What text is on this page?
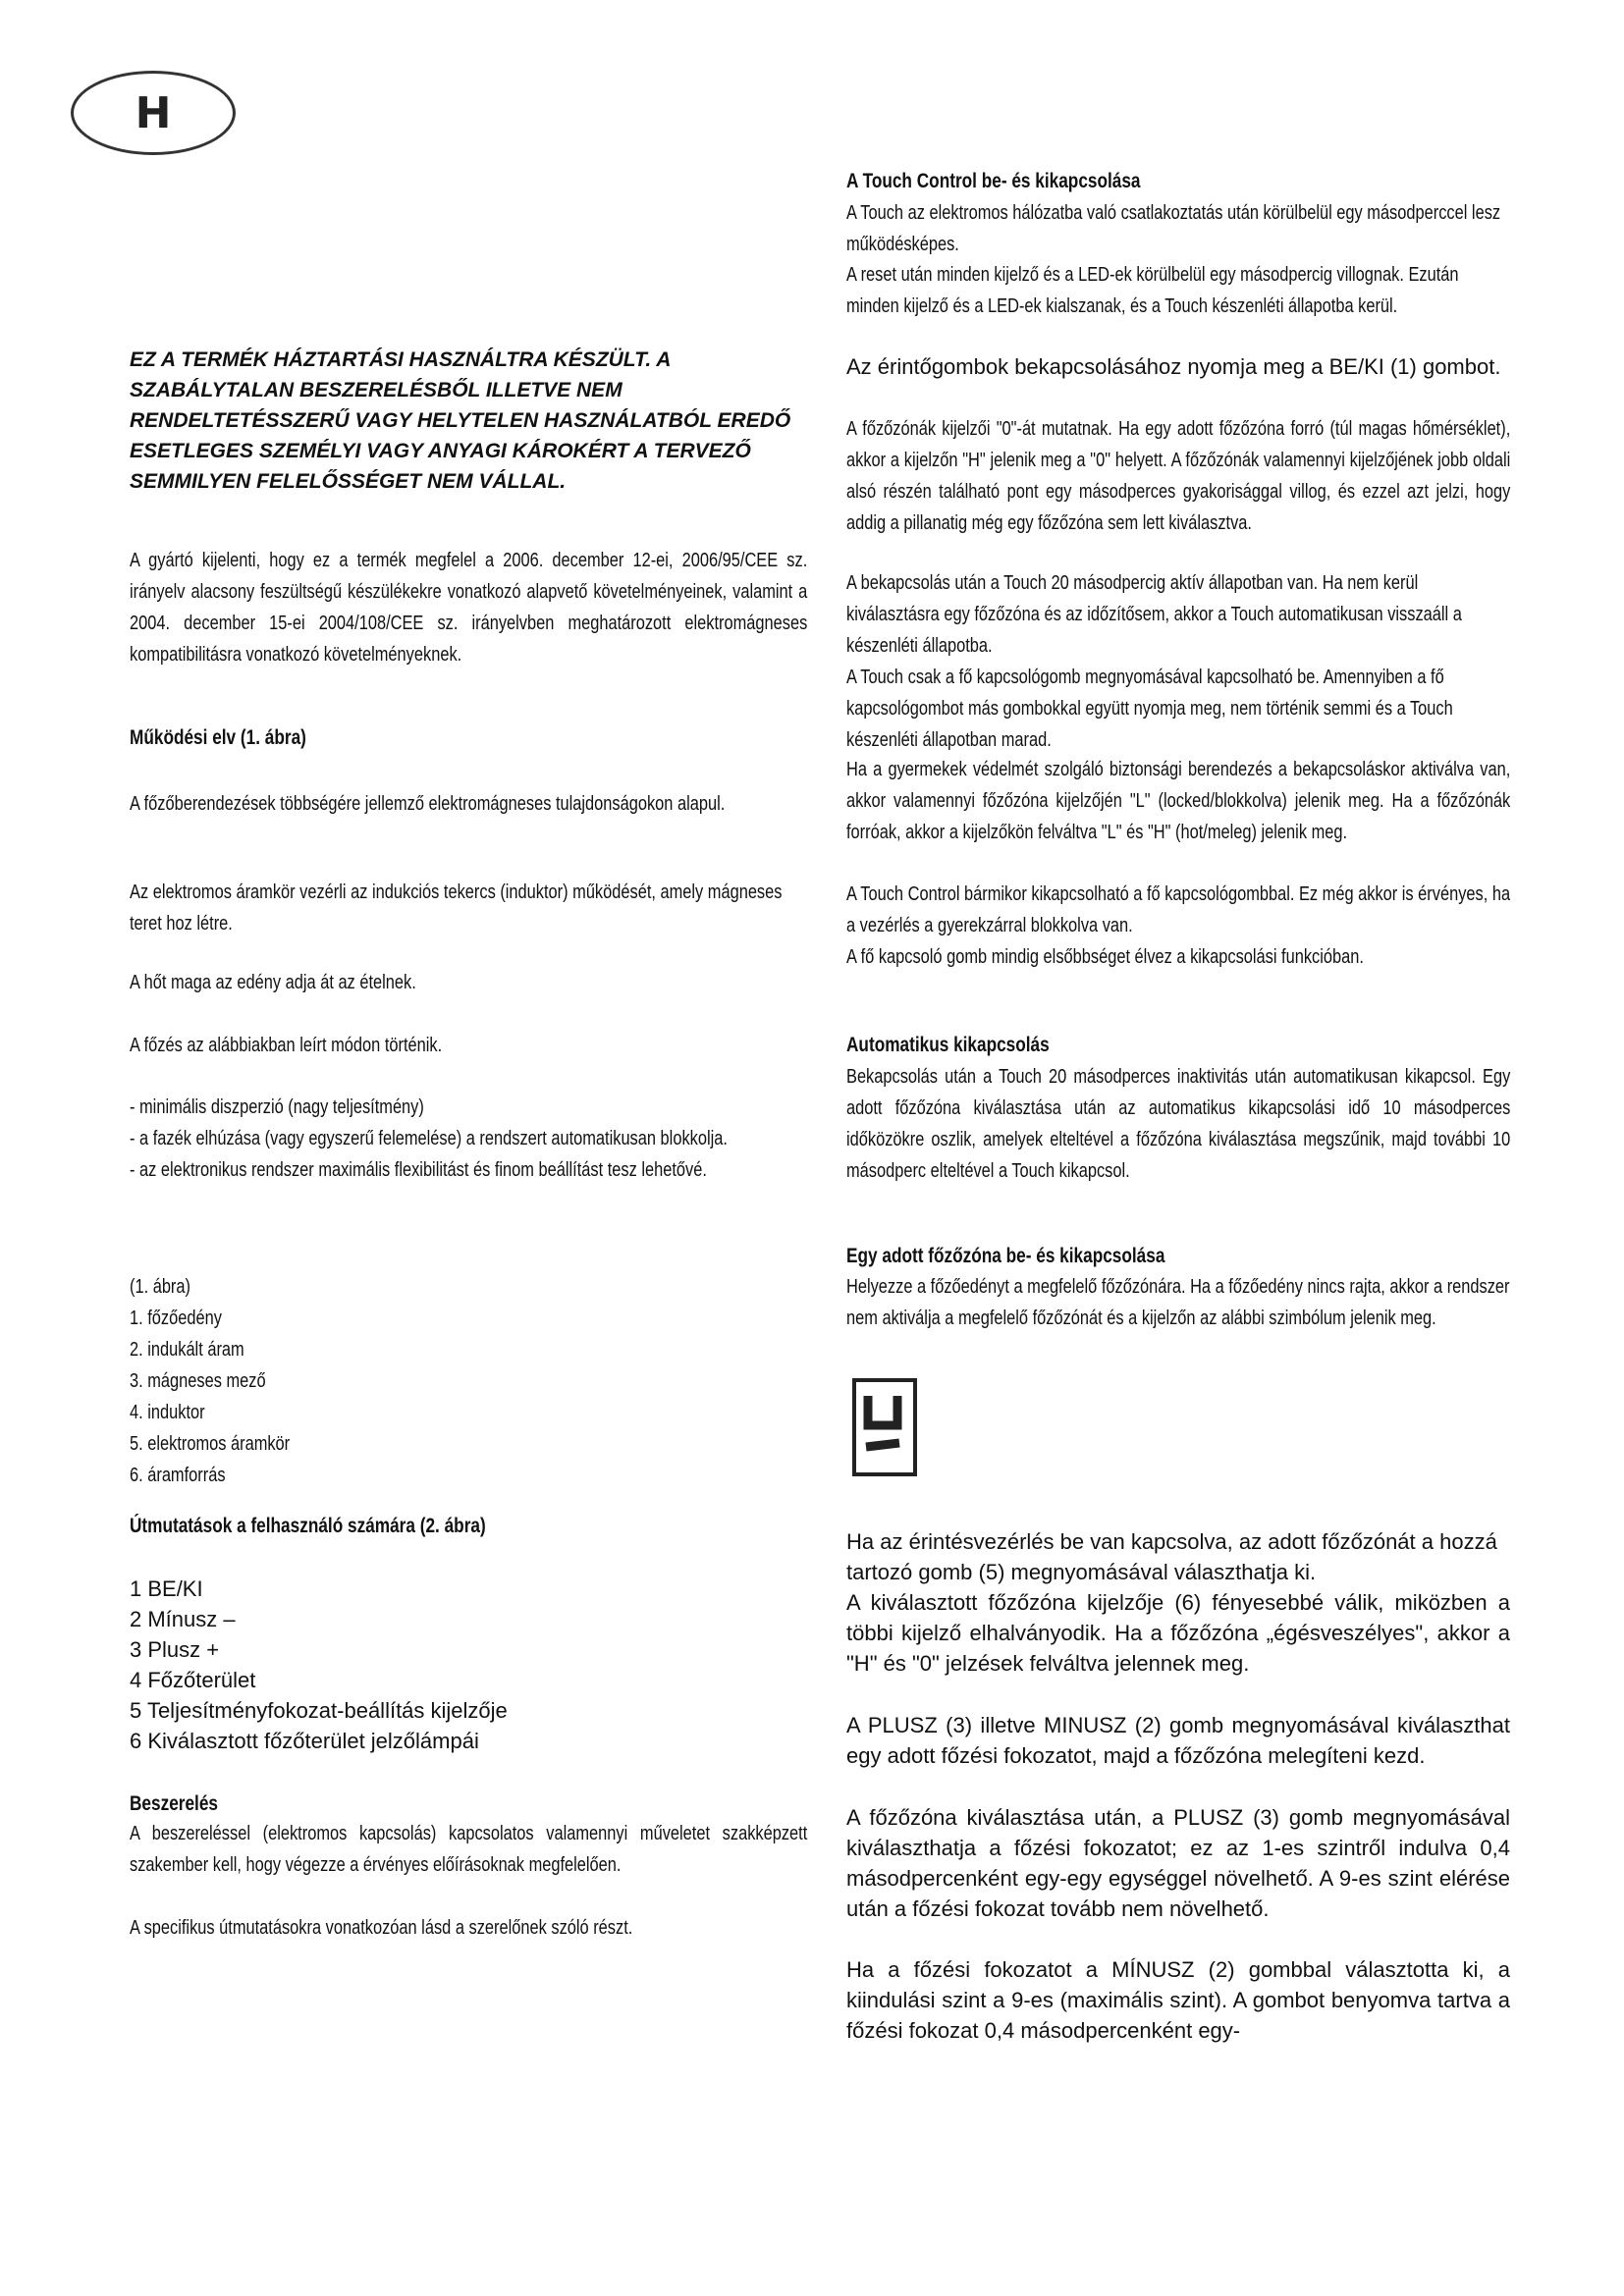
H
EZ A TERMÉK HÁZTARTÁSI HASZNÁLTRA KÉSZÜLT. A SZABÁLYTALAN BESZERELÉSBŐL ILLETVE NEM RENDELTETÉSSZERŰ VAGY HELYTELEN HASZNÁLATBÓL EREDŐ ESETLEGES SZEMÉLYI VAGY ANYAGI KÁROKÉRT A TERVEZŐ SEMMILYEN FELELŐSSÉGET NEM VÁLLAL.
A gyártó kijelenti, hogy ez a termék megfelel a 2006. december 12-ei, 2006/95/CEE sz. irányelv alacsony feszültségű készülékekre vonatkozó alapvető követelményeinek, valamint a 2004. december 15-ei 2004/108/CEE sz. irányelvben meghatározott elektromágneses kompatibilitásra vonatkozó követelményeknek.
Működési elv (1. ábra)
A főzőberendezések többségére jellemző elektromágneses tulajdonságokon alapul.
Az elektromos áramkör vezérli az indukciós tekercs (induktor) működését, amely mágneses teret hoz létre.
A hőt maga az edény adja át az ételnek.
A főzés az alábbiakban leírt módon történik.
- minimális diszperzió (nagy teljesítmény)
- a fazék elhúzása (vagy egyszerű felemelése) a rendszert automatikusan blokkolja.
- az elektronikus rendszer maximális flexibilitást és finom beállítást tesz lehetővé.
(1. ábra)
1. főzőedény
2. indukált áram
3. mágneses mező
4. induktor
5. elektromos áramkör
6. áramforrás
Útmutatások a felhasználó számára (2. ábra)
1 BE/KI
2 Mínusz –
3 Plusz +
4 Főzőterület
5 Teljesítményfokozat-beállítás kijelzője
6 Kiválasztott főzőterület jelzőlámpái
Beszerelés
A beszereléssel (elektromos kapcsolás) kapcsolatos valamennyi műveletet szakképzett szakember kell, hogy végezze a érvényes előírásoknak megfelelően.
A specifikus útmutatásokra vonatkozóan lásd a szerelőnek szóló részt.
A Touch Control be- és kikapcsolása
A Touch az elektromos hálózatba való csatlakoztatás után körülbelül egy másodperccel lesz működésképes.
A reset után minden kijelző és a LED-ek körülbelül egy másodpercig villognak. Ezután minden kijelző és a LED-ek kialszanak, és a Touch készenléti állapotba kerül.
Az érintőgombok bekapcsolásához nyomja meg a BE/KI (1) gombot.
A főzőzónák kijelzői "0"-át mutatnak. Ha egy adott főzőzóna forró (túl magas hőmérséklet), akkor a kijelzőn "H" jelenik meg a "0" helyett. A főzőzónák valamennyi kijelzőjének jobb oldali alsó részén található pont egy másodperces gyakorisággal villog, és ezzel azt jelzi, hogy addig a pillanatig még egy főzőzóna sem lett kiválasztva.
A bekapcsolás után a Touch 20 másodpercig aktív állapotban van. Ha nem kerül kiválasztásra egy főzőzóna és az időzítősem, akkor a Touch automatikusan visszaáll a készenléti állapotba.
A Touch csak a fő kapcsológomb megnyomásával kapcsolható be. Amennyiben a fő kapcsológombot más gombokkal együtt nyomja meg, nem történik semmi és a Touch készenléti állapotban marad.
Ha a gyermekek védelmét szolgáló biztonsági berendezés a bekapcsoláskor aktiválva van, akkor valamennyi főzőzóna kijelzőjén "L" (locked/blokkolva) jelenik meg. Ha a főzőzónák forróak, akkor a kijelzőkön felváltva "L" és "H" (hot/meleg) jelenik meg.
A Touch Control bármikor kikapcsolható a fő kapcsológombbal. Ez még akkor is érvényes, ha a vezérlés a gyerekzárral blokkolva van.
A fő kapcsoló gomb mindig elsőbbséget élvez a kikapcsolási funkcióban.
Automatikus kikapcsolás
Bekapcsolás után a Touch 20 másodperces inaktivitás után automatikusan kikapcsol. Egy adott főzőzóna kiválasztása után az automatikus kikapcsolási idő 10 másodperces időközökre oszlik, amelyek elteltével a főzőzóna kiválasztása megszűnik, majd további 10 másodperc elteltével a Touch kikapcsol.
Egy adott főzőzóna be- és kikapcsolása
Helyezze a főzőedényt a megfelelő főzőzónára. Ha a főzőedény nincs rajta, akkor a rendszer nem aktiválja a megfelelő főzőzónát és a kijelzőn az alábbi szimbólum jelenik meg.
Ha az érintésvezérlés be van kapcsolva, az adott főzőzónát a hozzá tartozó gomb (5) megnyomásával választhatja ki.
A kiválasztott főzőzóna kijelzője (6) fényesebbé válik, miközben a többi kijelző elhalványodik. Ha a főzőzóna „égésveszélyes", akkor a "H" és "0" jelzések felváltva jelennek meg.
A PLUSZ (3) illetve MINUSZ (2) gomb megnyomásával kiválaszthat egy adott főzési fokozatot, majd a főzőzóna melegíteni kezd.
A főzőzóna kiválasztása után, a PLUSZ (3) gomb megnyomásával kiválaszthatja a főzési fokozatot; ez az 1-es szintről indulva 0,4 másodpercenként egy-egy egységgel növelhető. A 9-es szint elérése után a főzési fokozat tovább nem növelhető.
Ha a főzési fokozatot a MÍNUSZ (2) gombbal választotta ki, a kiindulási szint a 9-es (maximális szint). A gombot benyomva tartva a főzési fokozat 0,4 másodpercenként egy-
